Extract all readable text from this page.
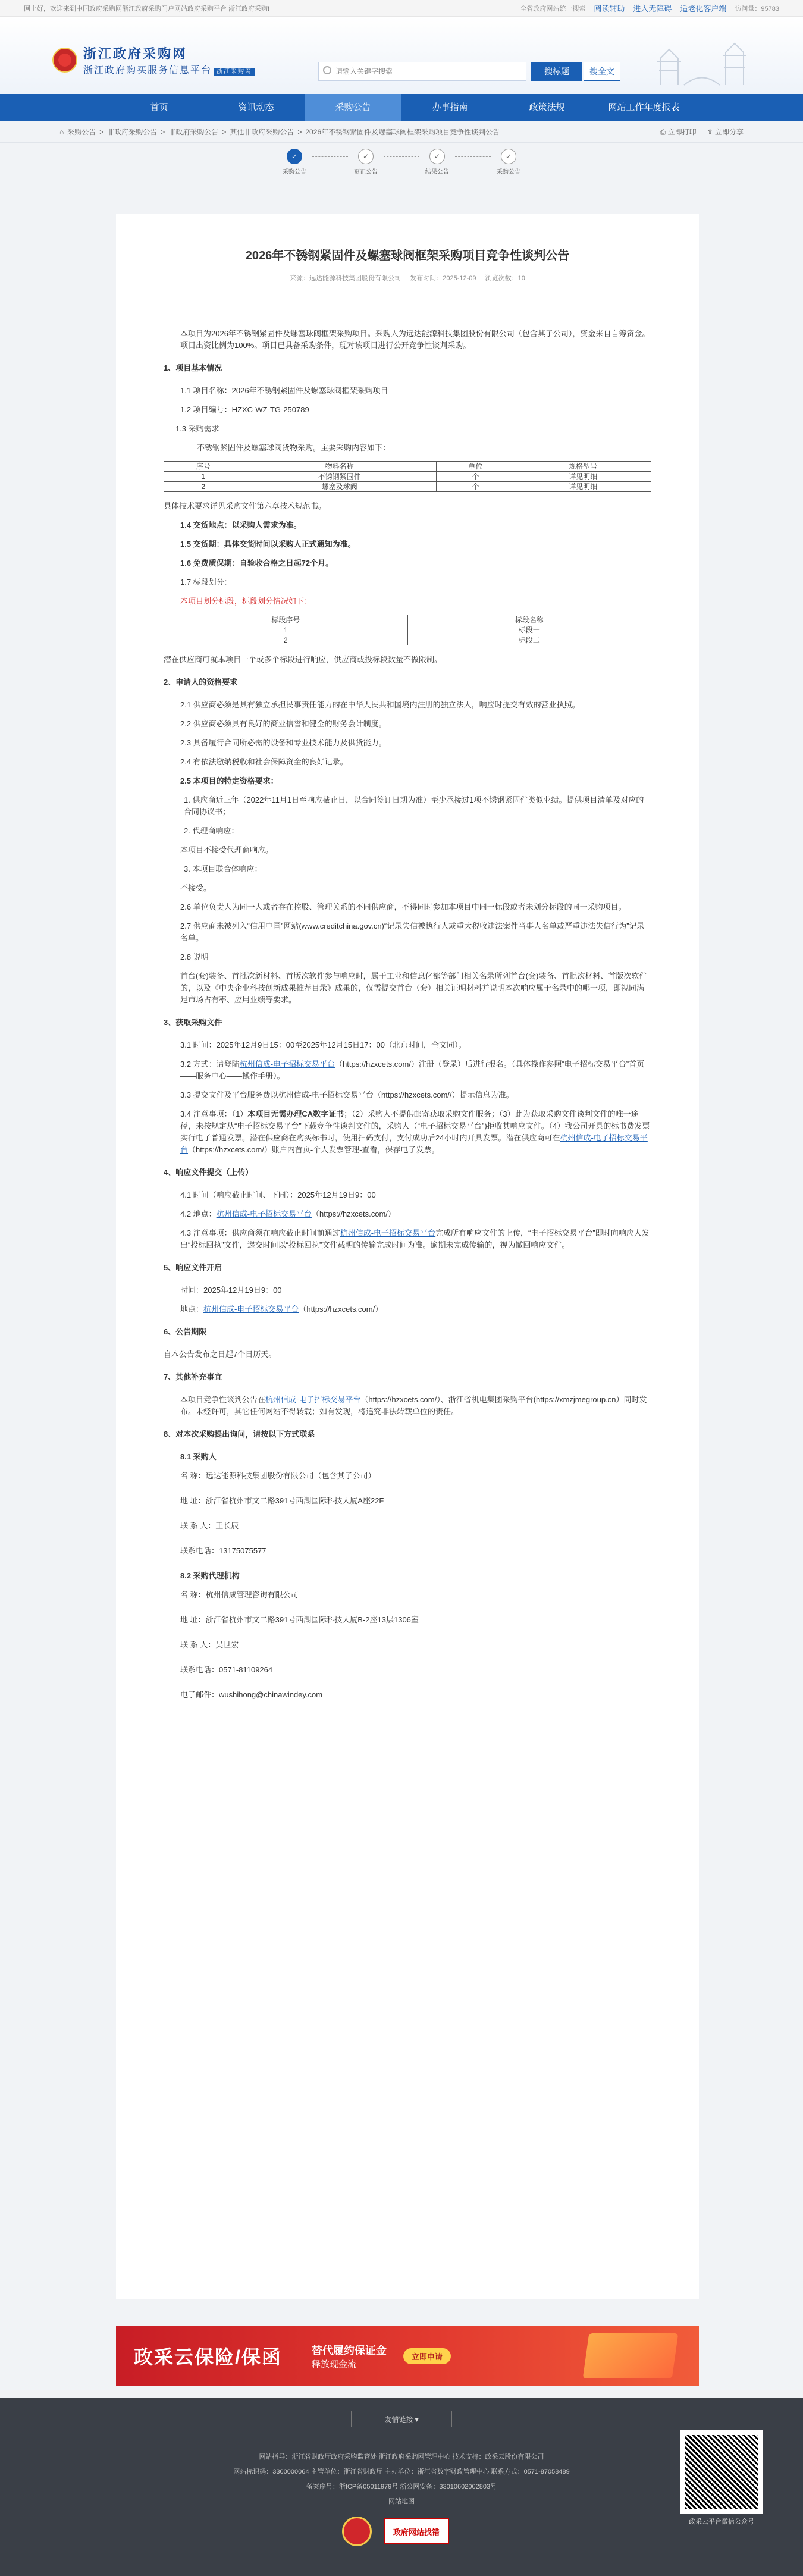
网上好，欢迎来到中国政府采购网浙江政府采购门户网站政府采购平台 浙江政府采购!	全省政府网站统一搜索 阅读辅助 进入无障碍 适老化客户端 访问量：95783
浙江政府采购网
浙江政府购买服务信息平台 浙江采购网
请输入关键字搜索	搜标题	搜全文
首页	资讯动态	采购公告	办事指南	政策法规	网站工作年度报表
⌂ 采购公告 > 非政府采购公告 > 非政府采购公告 > 其他非政府采购公告 > 2026年不锈钢紧固件及螺塞球阀框架采购项目竞争性谈判公告	⎙ 立即打印 ⇪ 立即分享
✓
采购公告
✓
更正公告
✓
结果公告
✓
采购公告
2026年不锈钢紧固件及螺塞球阀框架采购项目竞争性谈判公告
来源：远达能源科技集团股份有限公司 发布时间：2025-12-09 浏览次数：10

本项目为2026年不锈钢紧固件及螺塞球阀框架采购项目。采购人为远达能源科技集团股份有限公司（包含其子公司），资金来自自筹资金。项目出资比例为100%。项目已具备采购条件，现对该项目进行公开竞争性谈判采购。

1、项目基本情况

1.1 项目名称：2026年不锈钢紧固件及螺塞球阀框架采购项目

1.2 项目编号：HZXC-WZ-TG-250789

1.3 采购需求

不锈钢紧固件及螺塞球阀货物采购。主要采购内容如下：

序号	物料名称	单位	规格型号
1	不锈钢紧固件	个	详见明细
2	螺塞及球阀	个	详见明细

具体技术要求详见采购文件第六章技术规范书。

1.4 交货地点：以采购人需求为准。

1.5 交货期：具体交货时间以采购人正式通知为准。

1.6 免费质保期：自验收合格之日起72个月。

1.7 标段划分：

本项目划分标段，标段划分情况如下：

标段序号	标段名称
1	标段一
2	标段二

潜在供应商可就本项目一个或多个标段进行响应，供应商或投标段数量不做限制。

2、申请人的资格要求

2.1 供应商必须是具有独立承担民事责任能力的在中华人民共和国境内注册的独立法人，响应时提交有效的营业执照。

2.2 供应商必须具有良好的商业信誉和健全的财务会计制度。

2.3 具备履行合同所必需的设备和专业技术能力及供货能力。

2.4 有依法缴纳税收和社会保障资金的良好记录。

2.5 本项目的特定资格要求：

1. 供应商近三年（2022年11月1日至响应截止日，以合同签订日期为准）至少承接过1项不锈钢紧固件类似业绩。提供项目清单及对应的合同协议书；

2. 代理商响应：

本项目不接受代理商响应。

3. 本项目联合体响应：

不接受。

2.6 单位负责人为同一人或者存在控股、管理关系的不同供应商，不得同时参加本项目中同一标段或者未划分标段的同一采购项目。

2.7 供应商未被列入“信用中国”网站(www.creditchina.gov.cn)“记录失信被执行人或重大税收违法案件当事人名单或严重违法失信行为”记录名单。

2.8 说明

首台(套)装备、首批次新材料、首版次软件参与响应时，属于工业和信息化部等部门相关名录所列首台(套)装备、首批次材料、首版次软件的，以及《中央企业科技创新成果推荐目录》成果的，仅需提交首台（套）相关证明材料并说明本次响应属于名录中的哪一项，即视同满足市场占有率、应用业绩等要求。

3、获取采购文件

3.1 时间：2025年12月9日15：00至2025年12月15日17：00（北京时间，全文同）。

3.2 方式：请登陆杭州信成-电子招标交易平台（https://hzxcets.com/）注册（登录）后进行报名。（具体操作参照“电子招标交易平台”首页——服务中心——操作手册）。

3.3 提交文件及平台服务费以杭州信成-电子招标交易平台（https://hzxcets.com//）提示信息为准。

3.4 注意事项：（1）本项目无需办理CA数字证书；（2）采购人不提供邮寄获取采购文件服务；（3）此为获取采购文件谈判文件的唯一途径，未按规定从“电子招标交易平台”下载竞争性谈判文件的，采购人（“电子招标交易平台”)拒收其响应文件。（4）我公司开具的标书费发票实行电子普通发票。潜在供应商在购买标书时，使用扫码支付，支付成功后24小时内开具发票。潜在供应商可在杭州信成-电子招标交易平台（https://hzxcets.com/）账户内首页-个人发票管理-查看，保存电子发票。

4、响应文件提交（上传）

4.1 时间（响应截止时间、下同）：2025年12月19日9：00

4.2 地点：杭州信成-电子招标交易平台（https://hzxcets.com/）

4.3 注意事项：供应商须在响应截止时间前通过杭州信成-电子招标交易平台完成所有响应文件的上传，“电子招标交易平台”即时向响应人发出“投标回执”文件，递交时间以“投标回执”文件载明的传输完成时间为准。逾期未完成传输的，视为撤回响应文件。

5、响应文件开启

时间：2025年12月19日9：00

地点：杭州信成-电子招标交易平台（https://hzxcets.com/）

6、公告期限

自本公告发布之日起7个日历天。

7、其他补充事宜

本项目竞争性谈判公告在杭州信成-电子招标交易平台（https://hzxcets.com/）、浙江省机电集团采购平台(https://xmzjmegroup.cn）同时发布。未经许可，其它任何网站不得转载；如有发现，将追究非法转载单位的责任。

8、对本次采购提出询问，请按以下方式联系

8.1 采购人

名 称：远达能源科技集团股份有限公司（包含其子公司）

地 址：浙江省杭州市文二路391号西湖国际科技大厦A座22F

联 系 人：王长辰

联系电话：13175075577

8.2 采购代理机构

名 称：杭州信成管理咨询有限公司

地 址：浙江省杭州市文二路391号西湖国际科技大厦B-2座13层1306室

联 系 人：吴世宏

联系电话：0571-81109264

电子邮件：wushihong@chinawindey.com

政采云保险/保函	替代履约保证金
释放现金流
立即申请
友情链接 ▾
网站指导：浙江省财政厅政府采购监管处 浙江政府采购网管理中心 技术支持：政采云股份有限公司
网站标识码：3300000064 主管单位：浙江省财政厅 主办单位：浙江省数字财政管理中心 联系方式：0571-87058489
备案序号：浙ICP备05011979号 浙公网安备：33010602002803号
网站地图
政府网站找错
政采云平台微信公众号
